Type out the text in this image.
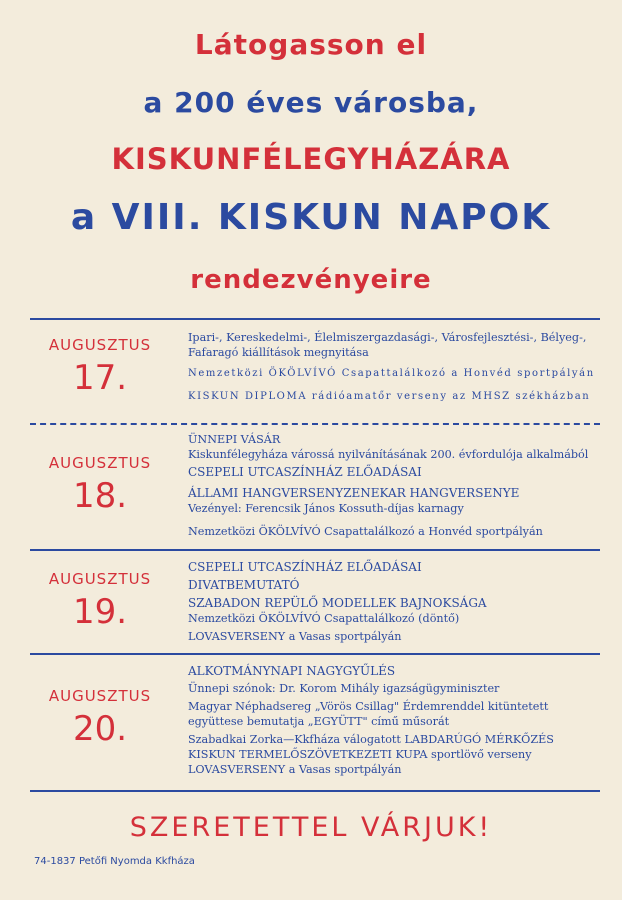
Látogasson el
a 200 éves városba,
KISKUNFÉLEGYHÁZÁRA
a VIII. KISKUN NAPOK
rendezvényeire
AUGUSZTUS
17.
Ipari-, Kereskedelmi-, Élelmiszergazdasági-, Városfejlesztési-, Bélyeg-,
Fafaragó kiállítások megnyitása
Nemzetközi ÖKÖLVÍVÓ Csapattalálkozó a Honvéd sportpályán
KISKUN DIPLOMA rádióamatőr verseny az MHSZ székházban
AUGUSZTUS
18.
ÜNNEPI VÁSÁR
Kiskunfélegyháza várossá nyilvánításának 200. évfordulója alkalmából
CSEPELI UTCASZÍNHÁZ ELŐADÁSAI
ÁLLAMI HANGVERSENYZENEKAR HANGVERSENYE
Vezényel: Ferencsik János Kossuth-díjas karnagy
Nemzetközi ÖKÖLVÍVÓ Csapattalálkozó a Honvéd sportpályán
AUGUSZTUS
19.
CSEPELI UTCASZÍNHÁZ ELŐADÁSAI
DIVATBEMUTATÓ
SZABADON REPÜLŐ MODELLEK BAJNOKSÁGA
Nemzetközi ÖKÖLVÍVÓ Csapattalálkozó (döntő)
LOVASVERSENY a Vasas sportpályán
AUGUSZTUS
20.
ALKOTMÁNYNAPI NAGYGYŰLÉS
Ünnepi szónok: Dr. Korom Mihály igazságügyminiszter
Magyar Néphadsereg „Vörös Csillag" Érdemrenddel kitüntetett
együttese bemutatja „EGYÜTT" című műsorát
Szabadkai Zorka—Kkfháza válogatott LABDARÚGÓ MÉRKŐZÉS
KISKUN TERMELŐSZÖVETKEZETI KUPA sportlövő verseny
LOVASVERSENY a Vasas sportpályán
SZERETETTEL VÁRJUK!
74-1837 Petőfi Nyomda Kkfháza
